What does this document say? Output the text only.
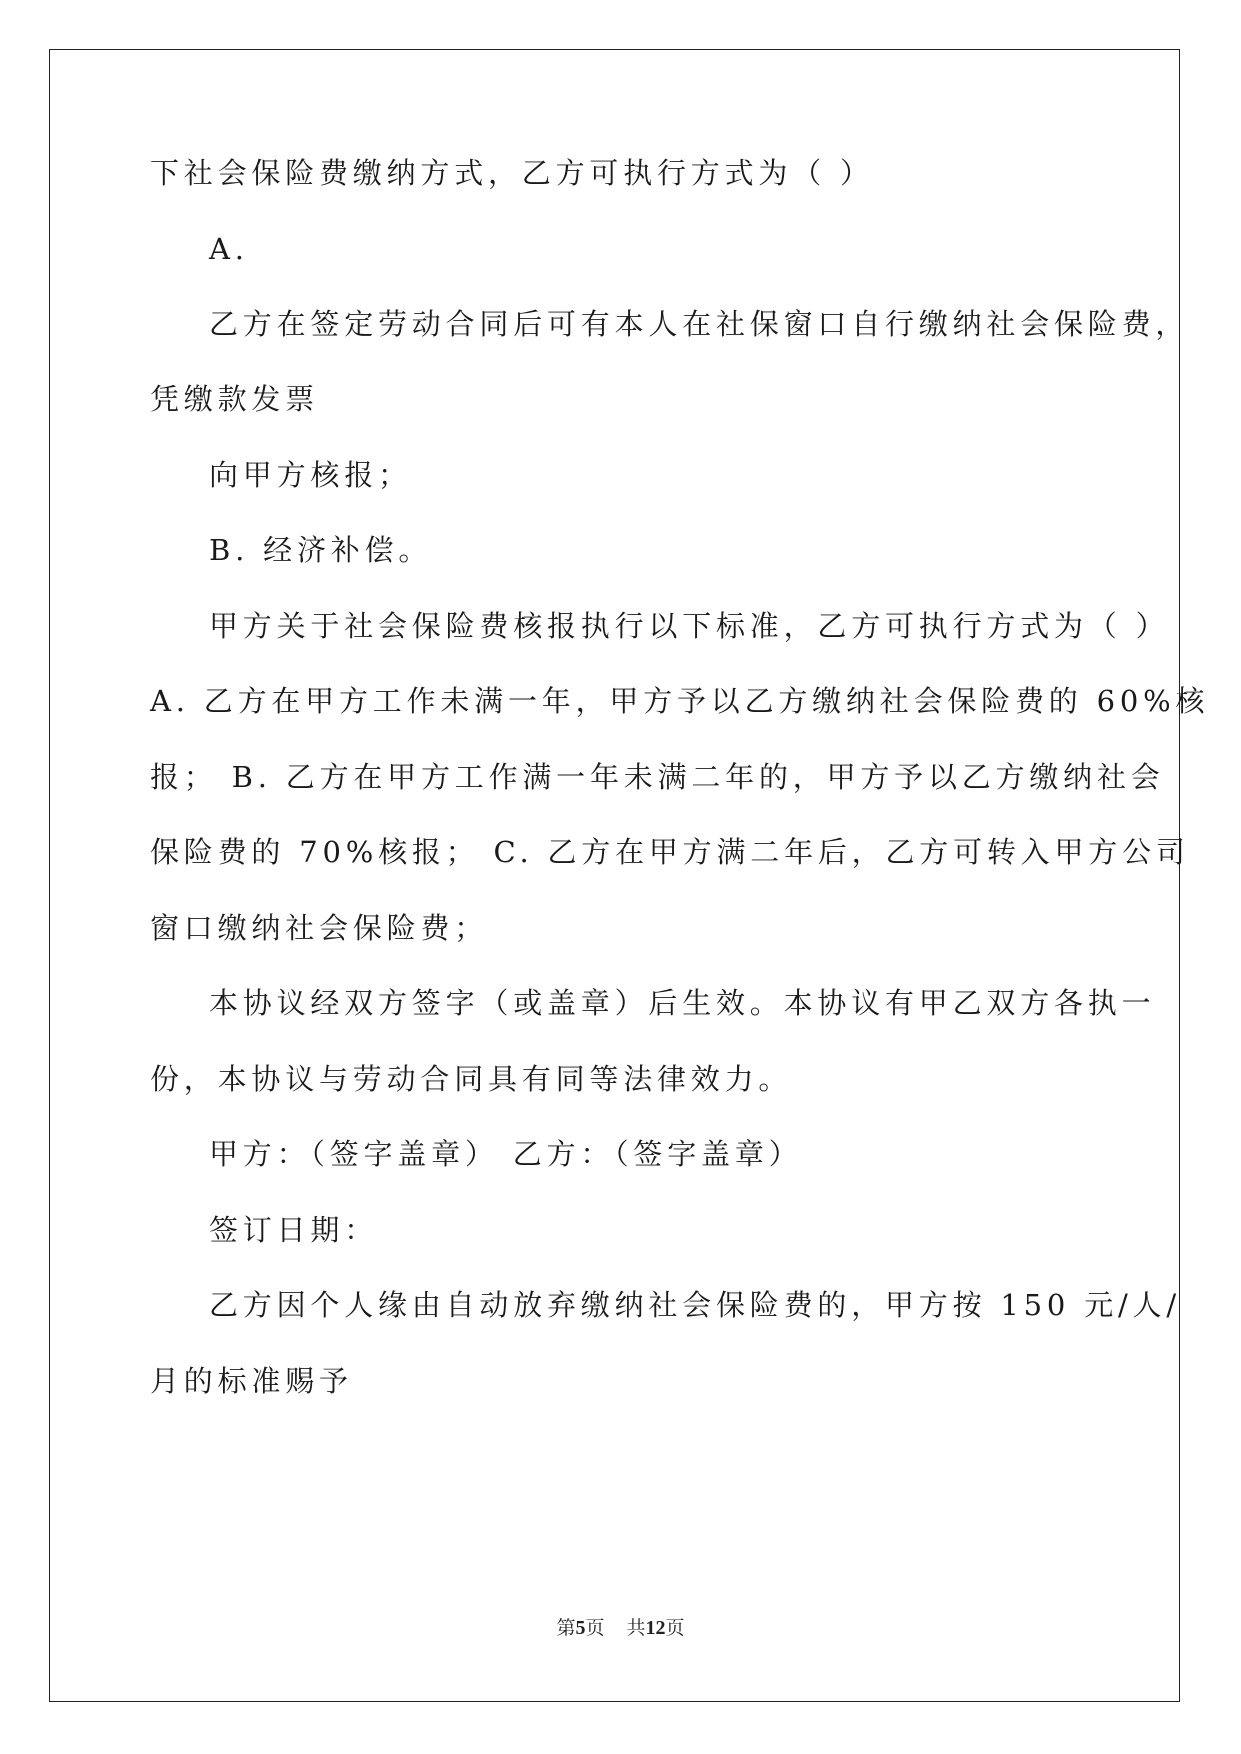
下社会保险费缴纳方式，乙方可执行方式为（ ）

A.

乙方在签定劳动合同后可有本人在社保窗口自行缴纳社会保险费，

凭缴款发票

向甲方核报；

B. 经济补偿。

甲方关于社会保险费核报执行以下标准，乙方可执行方式为（ ）

A. 乙方在甲方工作未满一年，甲方予以乙方缴纳社会保险费的 60%核

报； B. 乙方在甲方工作满一年未满二年的，甲方予以乙方缴纳社会

保险费的 70%核报； C. 乙方在甲方满二年后，乙方可转入甲方公司

窗口缴纳社会保险费；

本协议经双方签字（或盖章）后生效。本协议有甲乙双方各执一

份，本协议与劳动合同具有同等法律效力。

甲方：（签字盖章） 乙方：（签字盖章）

签订日期：

乙方因个人缘由自动放弃缴纳社会保险费的，甲方按 150 元/人/

月的标准赐予

第5页 共12页
